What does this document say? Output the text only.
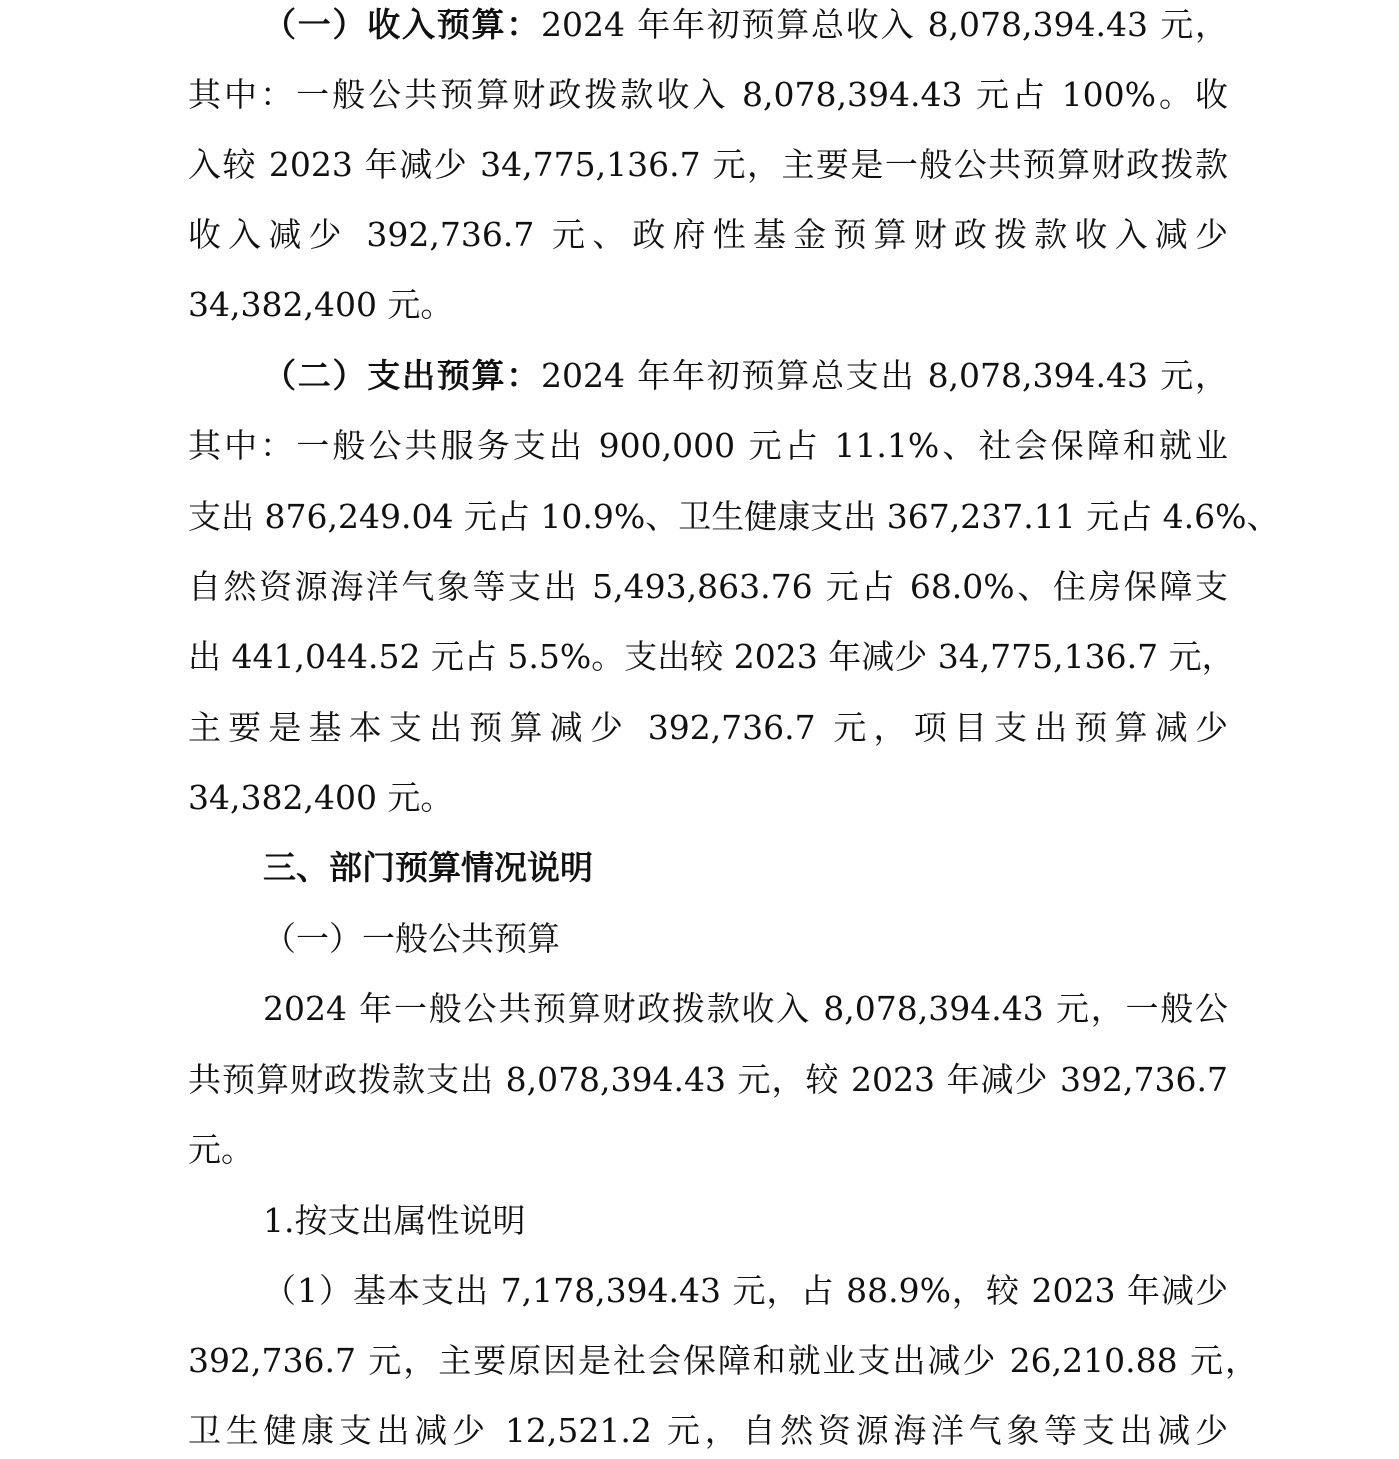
（一）收入预算：2024 年年初预算总收入 8,078,394.43 元，
其中：一般公共预算财政拨款收入 8,078,394.43 元占 100%。收
入较 2023 年减少 34,775,136.7 元，主要是一般公共预算财政拨款
收入减少 392,736.7 元、政府性基金预算财政拨款收入减少
34,382,400 元。
（二）支出预算：2024 年年初预算总支出 8,078,394.43 元，
其中：一般公共服务支出 900,000 元占 11.1%、社会保障和就业
支出 876,249.04 元占 10.9%、卫生健康支出 367,237.11 元占 4.6%、
自然资源海洋气象等支出 5,493,863.76 元占 68.0%、住房保障支
出 441,044.52 元占 5.5%。支出较 2023 年减少 34,775,136.7 元，
主要是基本支出预算减少 392,736.7 元，项目支出预算减少
34,382,400 元。
三、部门预算情况说明
（一）一般公共预算
2024 年一般公共预算财政拨款收入 8,078,394.43 元，一般公
共预算财政拨款支出 8,078,394.43 元，较 2023 年减少 392,736.7
元。
1.按支出属性说明
（1）基本支出 7,178,394.43 元，占 88.9%，较 2023 年减少
392,736.7 元，主要原因是社会保障和就业支出减少 26,210.88 元，
卫生健康支出减少 12,521.2 元，自然资源海洋气象等支出减少
